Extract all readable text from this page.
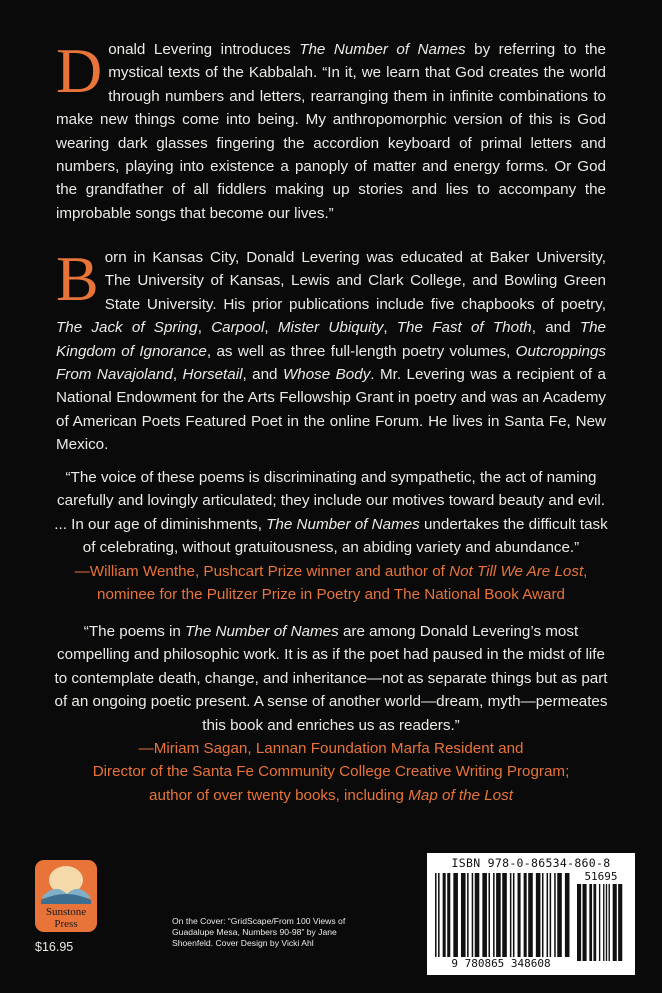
Donald Levering introduces The Number of Names by referring to the mystical texts of the Kabbalah. “In it, we learn that God creates the world through numbers and letters, rearranging them in infinite combinations to make new things come into being. My anthropomorphic version of this is God wearing dark glasses fingering the accordion keyboard of primal letters and numbers, playing into existence a panoply of matter and energy forms. Or God the grandfather of all fiddlers making up stories and lies to accompany the improbable songs that become our lives.”
Born in Kansas City, Donald Levering was educated at Baker University, The University of Kansas, Lewis and Clark College, and Bowling Green State University. His prior publications include five chapbooks of poetry, The Jack of Spring, Carpool, Mister Ubiquity, The Fast of Thoth, and The Kingdom of Ignorance, as well as three full-length poetry volumes, Outcroppings From Navajoland, Horsetail, and Whose Body. Mr. Levering was a recipient of a National Endowment for the Arts Fellowship Grant in poetry and was an Academy of American Poets Featured Poet in the online Forum. He lives in Santa Fe, New Mexico.
“The voice of these poems is discriminating and sympathetic, the act of naming carefully and lovingly articulated; they include our motives toward beauty and evil. ... In our age of diminishments, The Number of Names undertakes the difficult task of celebrating, without gratuitousness, an abiding variety and abundance.”
—William Wenthe, Pushcart Prize winner and author of Not Till We Are Lost,
nominee for the Pulitzer Prize in Poetry and The National Book Award
“The poems in The Number of Names are among Donald Levering’s most compelling and philosophic work. It is as if the poet had paused in the midst of life to contemplate death, change, and inheritance—not as separate things but as part of an ongoing poetic present. A sense of another world—dream, myth—permeates this book and enriches us as readers.”
—Miriam Sagan, Lannan Foundation Marfa Resident and
Director of the Santa Fe Community College Creative Writing Program;
author of over twenty books, including Map of the Lost
Sunstone
Press
$16.95
On the Cover: “GridScape/From 100 Views of Guadalupe Mesa, Numbers 90-98” by Jane Shoenfeld. Cover Design by Vicki Ahl
ISBN 978-0-86534-860-8
51695
9 780865 348608
